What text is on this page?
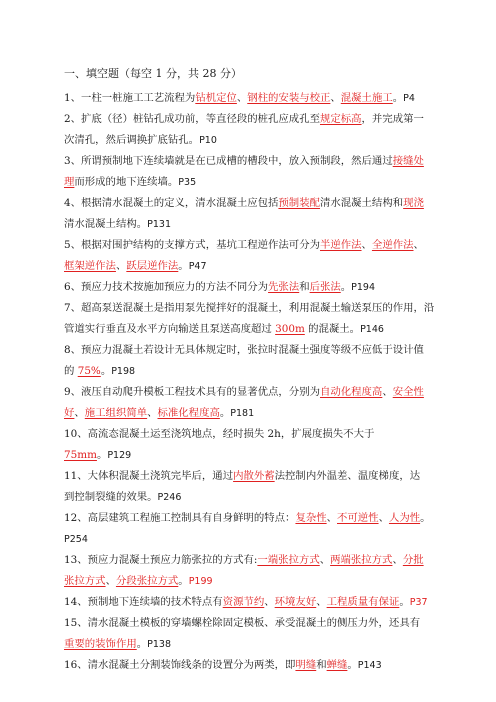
一、填空题（每空 1 分，共 28 分）

1、一柱一桩施工工艺流程为钻机定位、钢柱的安装与校正、混凝土施工。P4

2、扩底（径）桩钻孔成功前，等直径段的桩孔应成孔至规定标高，并完成第一
次清孔，然后调换扩底钻孔。P10

3、所谓预制地下连续墙就是在已成槽的槽段中，放入预制段，然后通过接缝处
理而形成的地下连续墙。P35

4、根据清水混凝土的定义，清水混凝土应包括预制装配清水混凝土结构和现浇
清水混凝土结构。P131

5、根据对围护结构的支撑方式，基坑工程逆作法可分为半逆作法、全逆作法、
框架逆作法、跃层逆作法。P47

6、预应力技术按施加预应力的方法不同分为先张法和后张法。P194

7、超高泵送混凝土是指用泵先搅拌好的混凝土，利用混凝土输送泵压的作用，沿
管道实行垂直及水平方向输送且泵送高度超过 300m 的混凝土。P146

8、预应力混凝土若设计无具体规定时，张拉时混凝土强度等级不应低于设计值
的 75%。P198

9、液压自动爬升模板工程技术具有的显著优点，分别为自动化程度高、安全性
好、施工组织简单、标准化程度高。P181

10、高流态混凝土运至浇筑地点，经时损失 2h，扩展度损失不大于
75mm。P129

11、大体积混凝土浇筑完毕后，通过内散外蓄法控制内外温差、温度梯度，达
到控制裂缝的效果。P246

12、高层建筑工程施工控制具有自身鲜明的特点：复杂性、不可逆性、人为性。
P254

13、预应力混凝土预应力筋张拉的方式有:一端张拉方式、两端张拉方式、分批
张拉方式、分段张拉方式。P199

14、预制地下连续墙的技术特点有资源节约、环境友好、工程质量有保证。P37

15、清水混凝土模板的穿墙螺栓除固定模板、承受混凝土的侧压力外，还具有
重要的装饰作用。P138

16、清水混凝土分割装饰线条的设置分为两类，即明缝和蝉缝。P143
